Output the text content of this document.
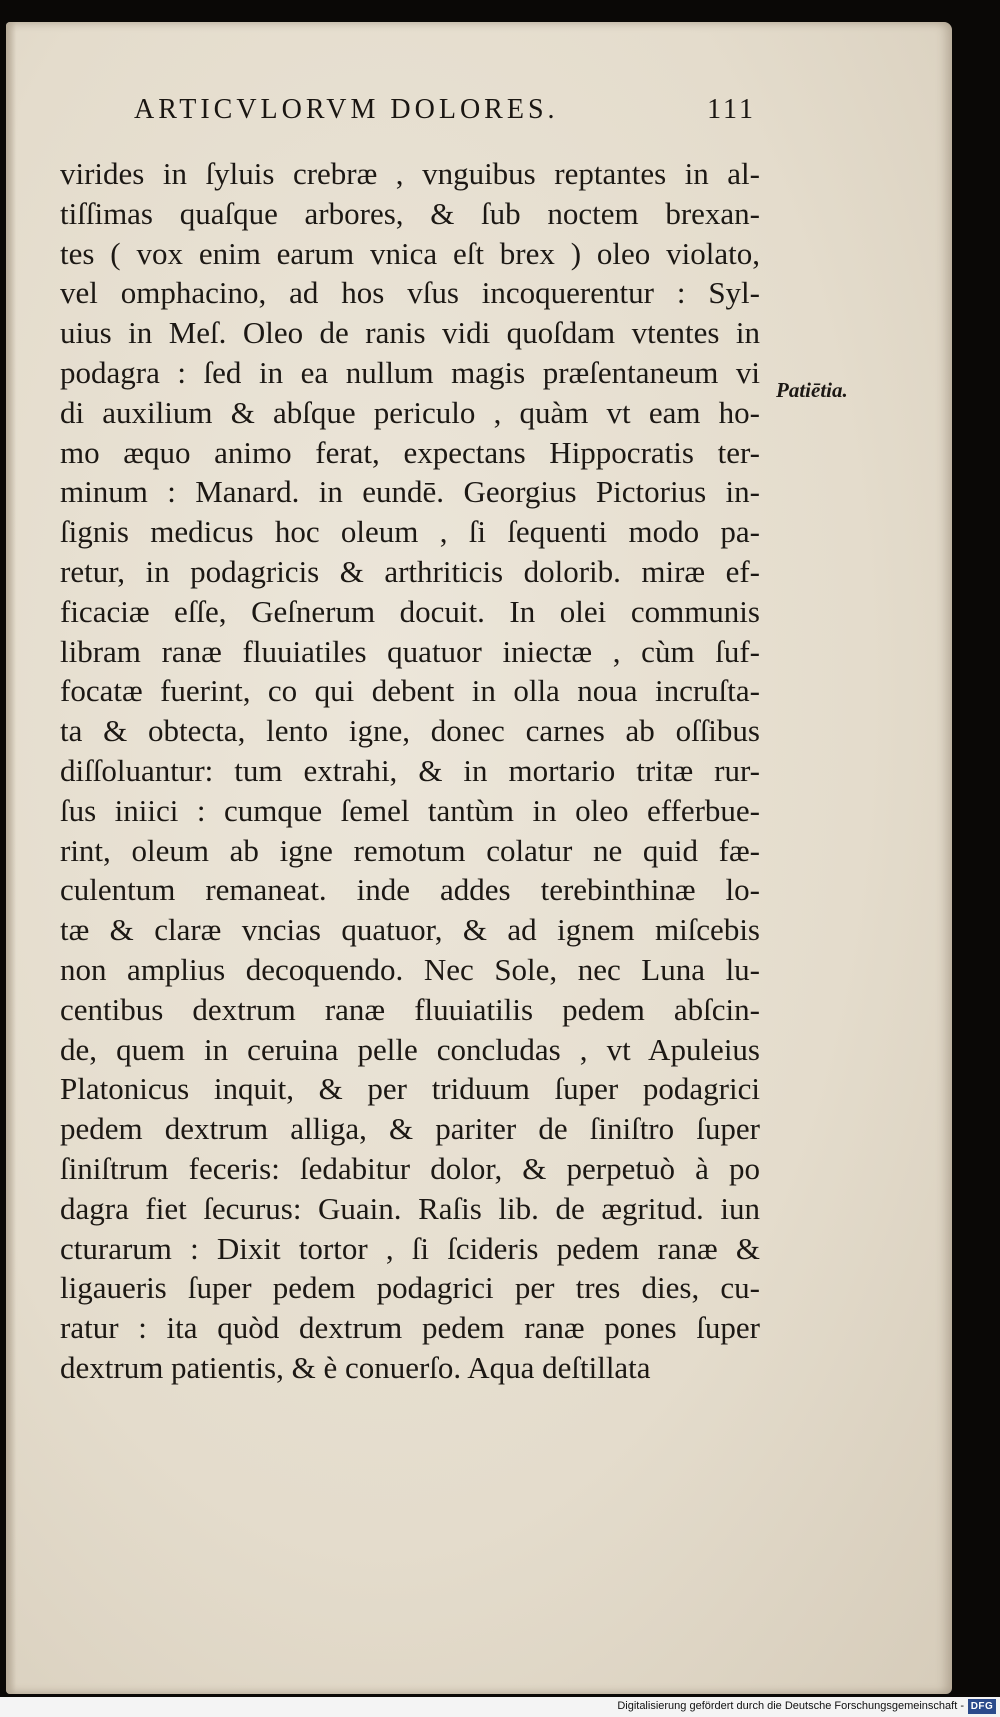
ARTICVLORVM DOLORES.	111
virides in ſyluis crebræ , vnguibus reptantes in al-
tiſſimas quaſque arbores, & ſub noctem brexan-
tes ( vox enim earum vnica eſt brex ) oleo violato,
vel omphacino, ad hos vſus incoquerentur : Syl-
uius in Meſ. Oleo de ranis vidi quoſdam vtentes in
podagra : ſed in ea nullum magis præſentaneum vi
di auxilium & abſque periculo , quàm vt eam ho-
mo æquo animo ferat, expectans Hippocratis ter-
minum : Manard. in eundē. Georgius Pictorius in-
ſignis medicus hoc oleum , ſi ſequenti modo pa-
retur, in podagricis & arthriticis dolorib. miræ ef-
ficaciæ eſſe, Geſnerum docuit. In olei communis
libram ranæ fluuiatiles quatuor iniectæ , cùm ſuf-
focatæ fuerint, co qui debent in olla noua incruſta-
ta & obtecta, lento igne, donec carnes ab oſſibus
diſſoluantur: tum extrahi, & in mortario tritæ rur-
ſus iniici : cumque ſemel tantùm in oleo efferbue-
rint, oleum ab igne remotum colatur ne quid fæ-
culentum remaneat. inde addes terebinthinæ lo-
tæ & claræ vncias quatuor, & ad ignem miſcebis
non amplius decoquendo. Nec Sole, nec Luna lu-
centibus dextrum ranæ fluuiatilis pedem abſcin-
de, quem in ceruina pelle concludas , vt Apuleius
Platonicus inquit, & per triduum ſuper podagrici
pedem dextrum alliga, & pariter de ſiniſtro ſuper
ſiniſtrum feceris: ſedabitur dolor, & perpetuò à po
dagra fiet ſecurus: Guain. Raſis lib. de ægritud. iun
cturarum : Dixit tortor , ſi ſcideris pedem ranæ &
ligaueris ſuper pedem podagrici per tres dies, cu-
ratur : ita quòd dextrum pedem ranæ pones ſuper
dextrum patientis, & è conuerſo. Aqua deſtillata
Patiētia.
Digitalisierung gefördert durch die Deutsche Forschungsgemeinschaft - DFG
